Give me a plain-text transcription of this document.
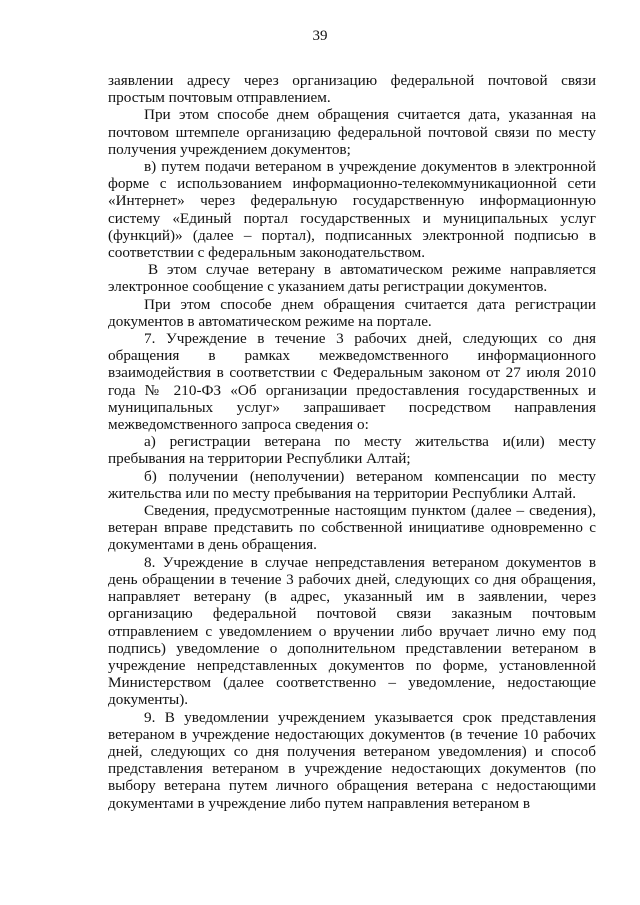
39

заявлении адресу через организацию федеральной почтовой связи простым почтовым отправлением.

При этом способе днем обращения считается дата, указанная на почтовом штемпеле организацию федеральной почтовой связи по месту получения учреждением документов;

в) путем подачи ветераном в учреждение документов в электронной форме с использованием информационно-телекоммуникационной сети «Интернет» через федеральную государственную информационную систему «Единый портал государственных и муниципальных услуг (функций)» (далее – портал), подписанных электронной подписью в соответствии с федеральным законодательством.

В этом случае ветерану в автоматическом режиме направляется электронное сообщение с указанием даты регистрации документов.

При этом способе днем обращения считается дата регистрации документов в автоматическом режиме на портале.

7. Учреждение в течение 3 рабочих дней, следующих со дня обращения в рамках межведомственного информационного взаимодействия в соответствии с Федеральным законом от 27 июля 2010 года № 210-ФЗ «Об организации предоставления государственных и муниципальных услуг» запрашивает посредством направления межведомственного запроса сведения о:

а) регистрации ветерана по месту жительства и(или) месту пребывания на территории Республики Алтай;

б) получении (неполучении) ветераном компенсации по месту жительства или по месту пребывания на территории Республики Алтай.

Сведения, предусмотренные настоящим пунктом (далее – сведения), ветеран вправе представить по собственной инициативе одновременно с документами в день обращения.

8. Учреждение в случае непредставления ветераном документов в день обращении в течение 3 рабочих дней, следующих со дня обращения, направляет ветерану (в адрес, указанный им в заявлении, через организацию федеральной почтовой связи заказным почтовым отправлением с уведомлением о вручении либо вручает лично ему под подпись) уведомление о дополнительном представлении ветераном в учреждение непредставленных документов по форме, установленной Министерством (далее соответственно – уведомление, недостающие документы).

9. В уведомлении учреждением указывается срок представления ветераном в учреждение недостающих документов (в течение 10 рабочих дней, следующих со дня получения ветераном уведомления) и способ представления ветераном в учреждение недостающих документов (по выбору ветерана путем личного обращения ветерана с недостающими документами в учреждение либо путем направления ветераном в
